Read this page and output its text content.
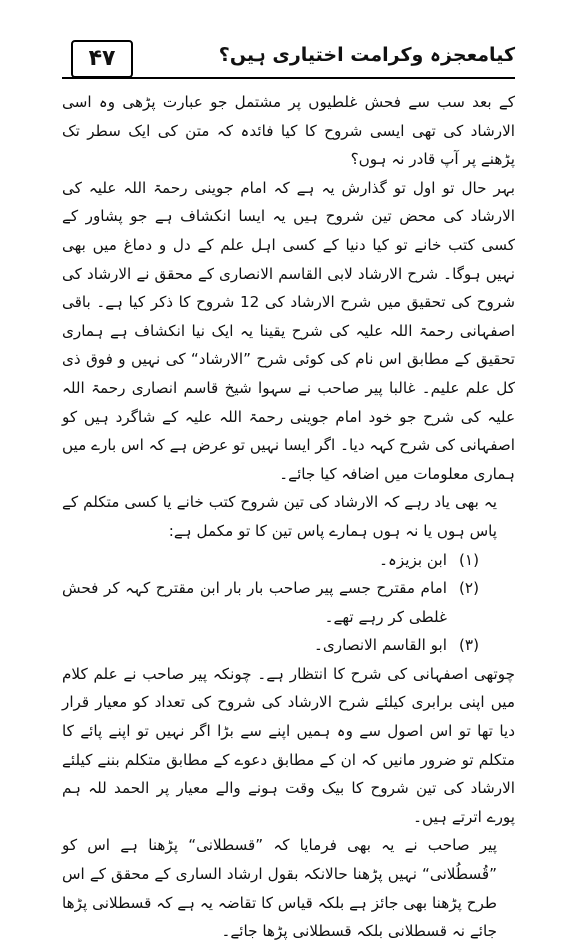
۴۷	کیامعجزہ وکرامت اختیاری ہیں؟

کے بعد سب سے فحش غلطیوں پر مشتمل جو عبارت پڑھی وہ اسی الارشاد کی تھی ایسی شروح کا کیا فائدہ کہ متن کی ایک سطر تک پڑھنے پر آپ قادر نہ ہوں؟

بہر حال تو اول تو گذارش یہ ہے کہ امام جوینی رحمۃ اللہ علیہ کی الارشاد کی محض تین شروح ہیں یہ ایسا انکشاف ہے جو پشاور کے کسی کتب خانے تو کیا دنیا کے کسی اہل علم کے دل و دماغ میں بھی نہیں ہوگا۔ شرح الارشاد لابی القاسم الانصاری کے محقق نے الارشاد کی شروح کی تحقیق میں شرح الارشاد کی 12 شروح کا ذکر کیا ہے۔ باقی اصفہانی رحمۃ اللہ علیہ کی شرح یقینا یہ ایک نیا انکشاف ہے ہماری تحقیق کے مطابق اس نام کی کوئی شرح ”الارشاد“ کی نہیں و فوق ذی کل علم علیم۔ غالبا پیر صاحب نے سہوا شیخ قاسم انصاری رحمۃ اللہ علیہ کی شرح جو خود امام جوینی رحمۃ اللہ علیہ کے شاگرد ہیں کو اصفہانی کی شرح کہہ دیا۔ اگر ایسا نہیں تو عرض ہے کہ اس بارے میں ہماری معلومات میں اضافہ کیا جائے۔

یہ بھی یاد رہے کہ الارشاد کی تین شروح کتب خانے یا کسی متکلم کے پاس ہوں یا نہ ہوں ہمارے پاس تین کا تو مکمل ہے:

(۱)
ابن بزیزہ۔
(۲)
امام مقترح جسے پیر صاحب بار بار ابن مقترح کہہ کر فحش غلطی کر رہے تھے۔
(۳)
ابو القاسم الانصاری۔

چوتھی اصفہانی کی شرح کا انتظار ہے۔ چونکہ پیر صاحب نے علم کلام میں اپنی برابری کیلئے شرح الارشاد کی شروح کی تعداد کو معیار قرار دیا تھا تو اس اصول سے وہ ہمیں اپنے سے بڑا اگر نہیں تو اپنے پائے کا متکلم تو ضرور مانیں کہ ان کے مطابق دعوے کے مطابق متکلم بننے کیلئے الارشاد کی تین شروح کا بیک وقت ہونے والے معیار پر الحمد للہ ہم پورے اترتے ہیں۔

پیر صاحب نے یہ بھی فرمایا کہ ”قسطلانی“ پڑھنا ہے اس کو ”قُسطُلانی“ نہیں پڑھنا حالانکہ بقول ارشاد الساری کے محقق کے اس طرح پڑھنا بھی جائز ہے بلکہ قیاس کا تقاضہ یہ ہے کہ قسطلانی پڑھا جائے نہ قسطلانی بلکہ قسطلانی پڑھا جائے۔
